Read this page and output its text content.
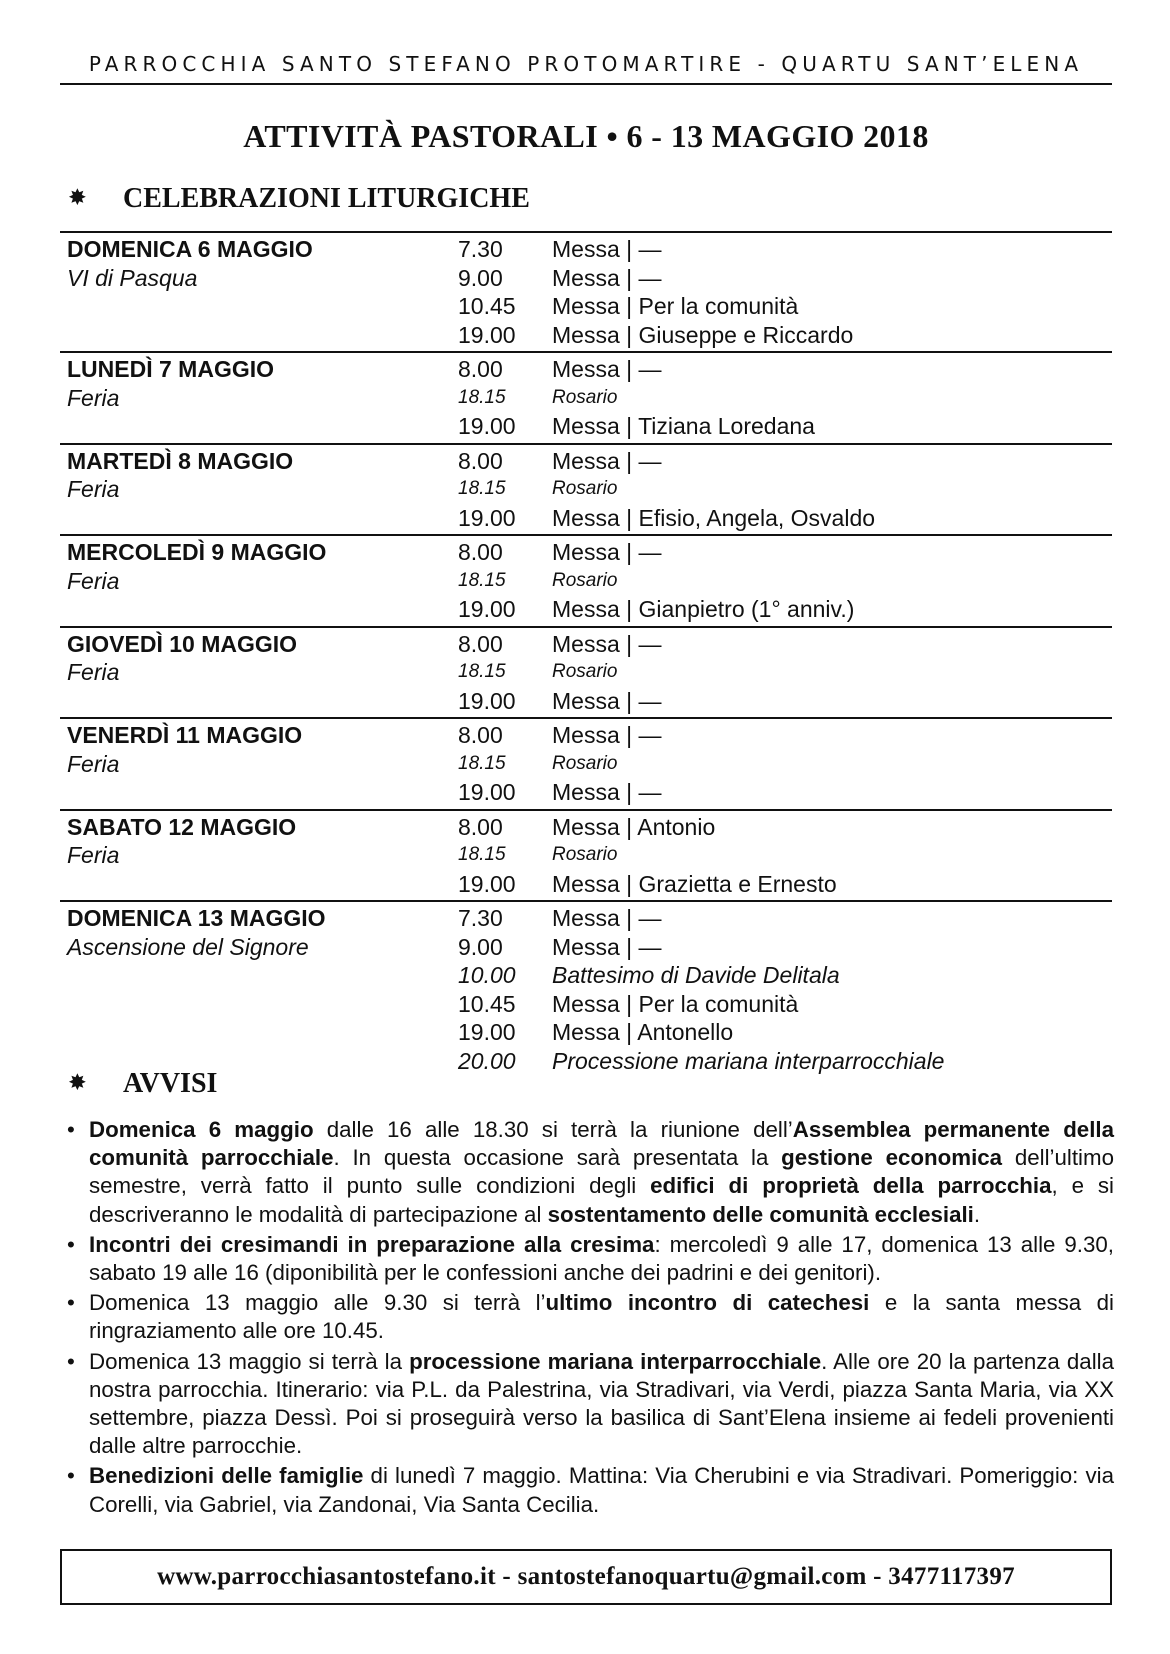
PARROCCHIA SANTO STEFANO PROTOMARTIRE - QUARTU SANT’ELENA
ATTIVITÀ PASTORALI • 6 - 13 MAGGIO 2018
✸ CELEBRAZIONI LITURGICHE
DOMENICA 6 MAGGIO	7.30 Messa | —
VI di Pasqua	9.00 Messa | —
10.45 Messa | Per la comunità
19.00 Messa | Giuseppe e Riccardo
LUNEDÌ 7 MAGGIO	8.00 Messa | —
Feria	18.15 Rosario
19.00 Messa | Tiziana Loredana
MARTEDÌ 8 MAGGIO	8.00 Messa | —
Feria	18.15 Rosario
19.00 Messa | Efisio, Angela, Osvaldo
MERCOLEDÌ 9 MAGGIO	8.00 Messa | —
Feria	18.15 Rosario
19.00 Messa | Gianpietro (1° anniv.)
GIOVEDÌ 10 MAGGIO	8.00 Messa | —
Feria	18.15 Rosario
19.00 Messa | —
VENERDÌ 11 MAGGIO	8.00 Messa | —
Feria	18.15 Rosario
19.00 Messa | —
SABATO 12 MAGGIO	8.00 Messa | Antonio
Feria	18.15 Rosario
19.00 Messa | Grazietta e Ernesto
DOMENICA 13 MAGGIO	7.30 Messa | —
Ascensione del Signore	9.00 Messa | —
10.00 Battesimo di Davide Delitala
10.45 Messa | Per la comunità
19.00 Messa | Antonello
20.00 Processione mariana interparrocchiale
✸ AVVISI
• Domenica 6 maggio dalle 16 alle 18.30 si terrà la riunione dell’Assemblea permanente della comunità parrocchiale. In questa occasione sarà presentata la gestione economica dell’ultimo semestre, verrà fatto il punto sulle condizioni degli edifici di proprietà della parrocchia, e si descriveranno le modalità di partecipazione al sostentamento delle comunità ecclesiali.
• Incontri dei cresimandi in preparazione alla cresima: mercoledì 9 alle 17, domenica 13 alle 9.30, sabato 19 alle 16 (diponibilità per le confessioni anche dei padrini e dei genitori).
• Domenica 13 maggio alle 9.30 si terrà l’ultimo incontro di catechesi e la santa messa di ringraziamento alle ore 10.45.
• Domenica 13 maggio si terrà la processione mariana interparrocchiale. Alle ore 20 la partenza dalla nostra parrocchia. Itinerario: via P.L. da Palestrina, via Stradivari, via Verdi, piazza Santa Maria, via XX settembre, piazza Dessì. Poi si proseguirà verso la basilica di Sant’Elena insieme ai fedeli provenienti dalle altre parrocchie.
• Benedizioni delle famiglie di lunedì 7 maggio. Mattina: Via Cherubini e via Stradivari. Pomeriggio: via Corelli, via Gabriel, via Zandonai, Via Santa Cecilia.
www.parrocchiasantostefano.it - santostefanoquartu@gmail.com - 3477117397
